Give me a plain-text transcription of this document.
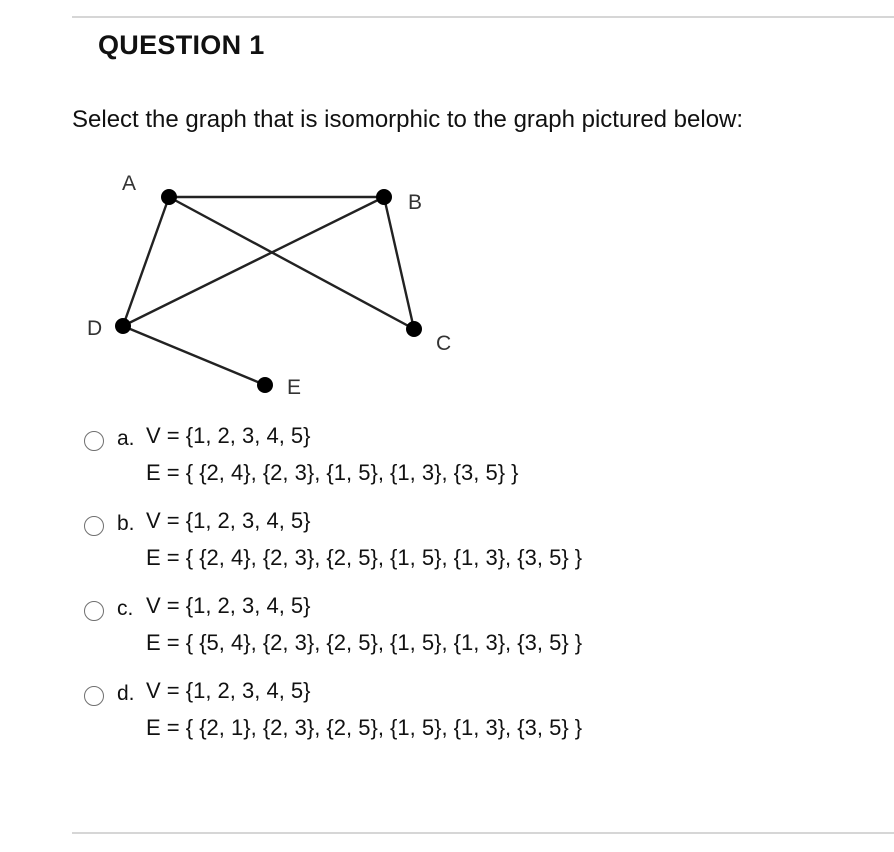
QUESTION 1

Select the graph that is isomorphic to the graph pictured below:

A
B
C
D
E
a. V = {1, 2, 3, 4, 5}
E = { {2, 4}, {2, 3}, {1, 5}, {1, 3}, {3, 5} }
b. V = {1, 2, 3, 4, 5}
E = { {2, 4}, {2, 3}, {2, 5}, {1, 5}, {1, 3}, {3, 5} }
c. V = {1, 2, 3, 4, 5}
E = { {5, 4}, {2, 3}, {2, 5}, {1, 5}, {1, 3}, {3, 5} }
d. V = {1, 2, 3, 4, 5}
E = { {2, 1}, {2, 3}, {2, 5}, {1, 5}, {1, 3}, {3, 5} }
